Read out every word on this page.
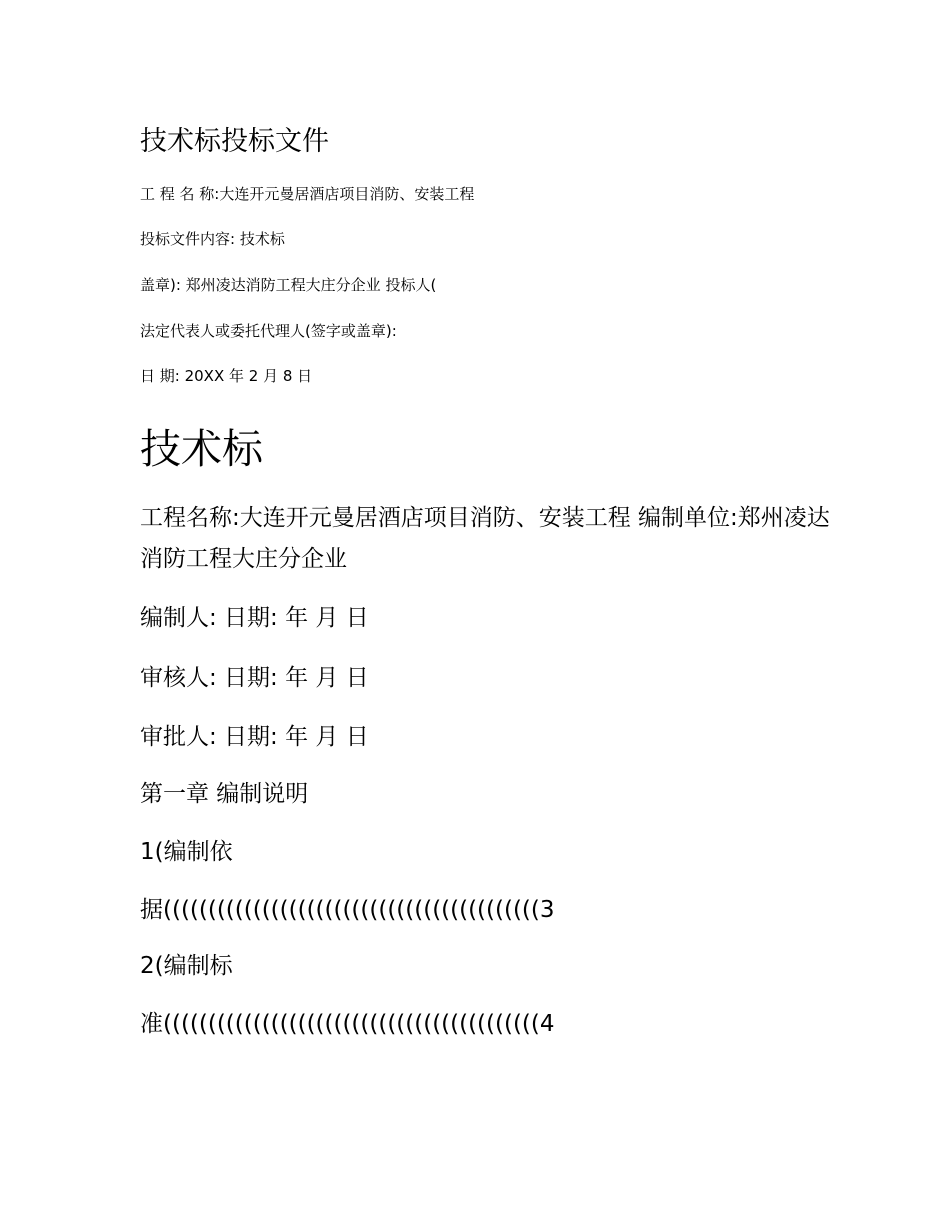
技术标投标文件

工 程 名 称:大连开元曼居酒店项目消防、安装工程

投标文件内容: 技术标

盖章): 郑州凌达消防工程大庄分企业 投标人(

法定代表人或委托代理人(签字或盖章):

日 期: 20XX 年 2 月 8 日

技术标

工程名称:大连开元曼居酒店项目消防、安装工程 编制单位:郑州凌达消防工程大庄分企业

编制人: 日期: 年 月 日

审核人: 日期: 年 月 日

审批人: 日期: 年 月 日

第一章 编制说明

1(编制依

据((((((((((((((((((((((((((((((((((((((((((3

2(编制标

准((((((((((((((((((((((((((((((((((((((((((4
